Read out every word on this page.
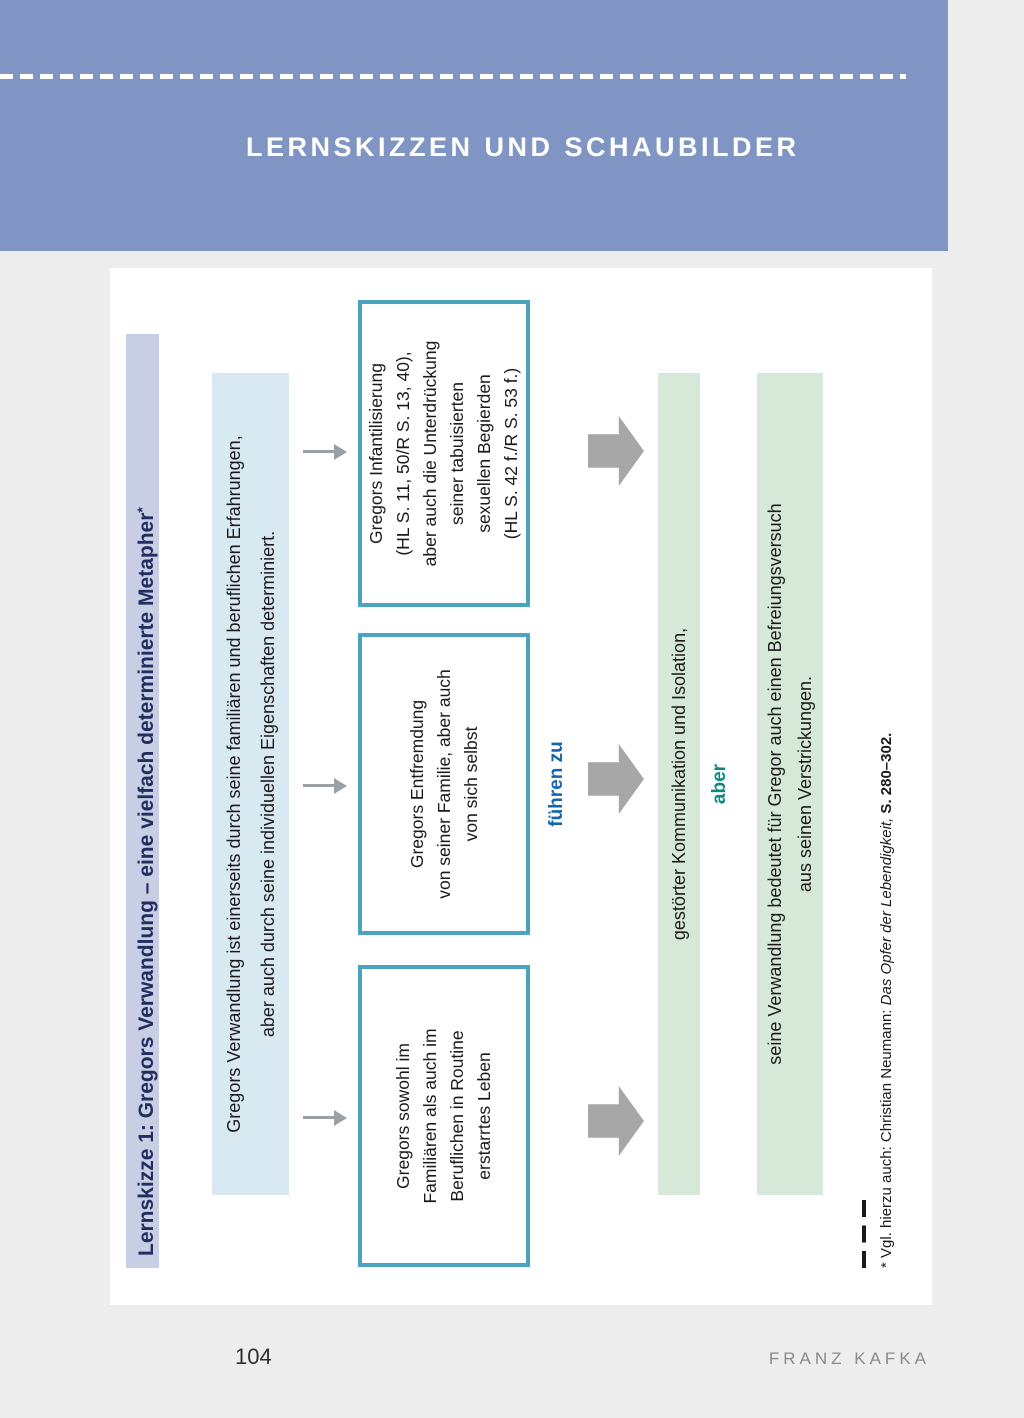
LERNSKIZZEN UND SCHAUBILDER
Lernskizze 1: Gregors Verwandlung – eine vielfach determinierte Metapher*	Gregors Verwandlung ist einerseits durch seine familiären und beruflichen Erfahrungen, aber auch durch seine individuellen Eigenschaften determiniert.
Gregors sowohl im Familiären als auch im Beruflichen in Routine erstarrtes Leben
Gregors Entfremdung von seiner Familie, aber auch von sich selbst
Gregors Infantilisierung (HL S. 11, 50/R S. 13, 40), aber auch die Unterdrückung seiner tabuisierten sexuellen Begierden (HL S. 42 f./R S. 53 f.)
führen zu	gestörter Kommunikation und Isolation, aber seine Verwandlung bedeutet für Gregor auch einen Befreiungsversuch aus seinen Verstrickungen.
* Vgl. hierzu auch: Christian Neumann: Das Opfer der Lebendigkeit, S. 280–302.
104	FRANZ KAFKA
